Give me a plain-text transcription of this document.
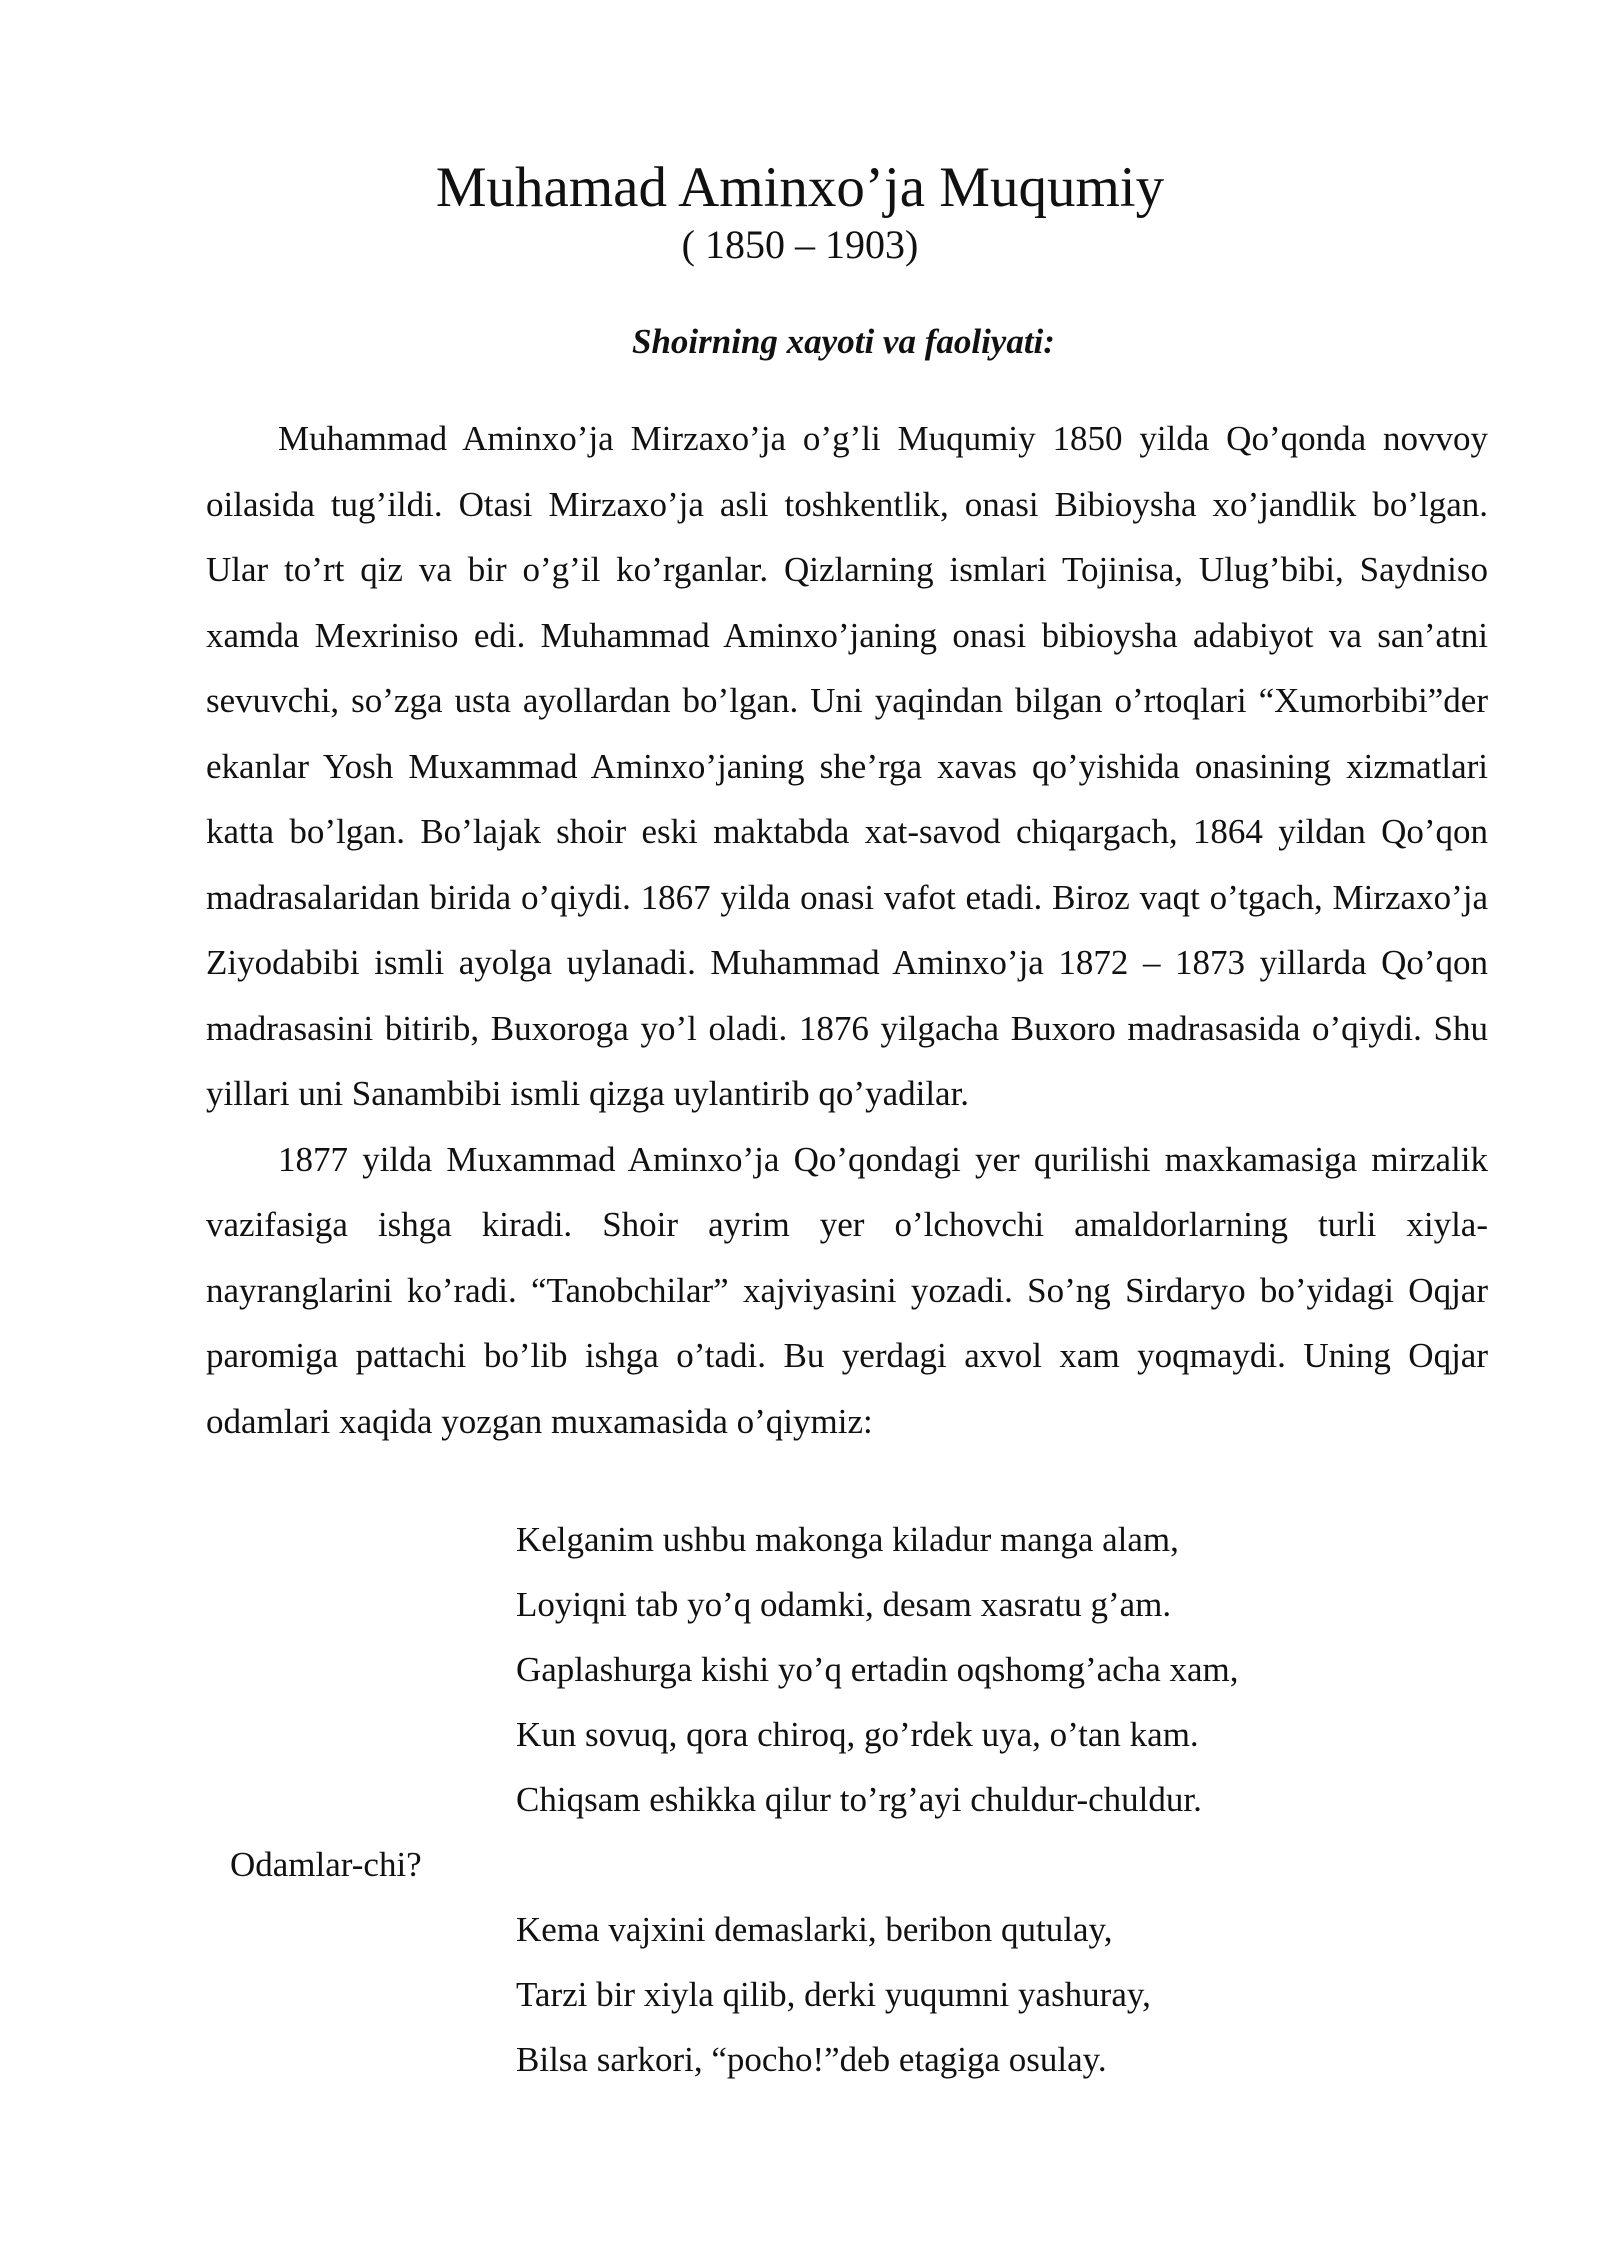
Muhamad Aminxo’ja Muqumiy
( 1850 – 1903)
Shoirning xayoti va faoliyati:

Muhammad Aminxo’ja Mirzaxo’ja o’g’li Muqumiy 1850 yilda Qo’qonda novvoy oilasida tug’ildi. Otasi Mirzaxo’ja asli toshkentlik, onasi Bibioysha xo’jandlik bo’lgan. Ular to’rt qiz va bir o’g’il ko’rganlar. Qizlarning ismlari Tojinisa, Ulug’bibi, Saydniso xamda Mexriniso edi. Muhammad Aminxo’janing onasi bibioysha adabiyot va san’atni sevuvchi, so’zga usta ayollardan bo’lgan. Uni yaqindan bilgan o’rtoqlari “Xumorbibi”der ekanlar Yosh Muxammad Aminxo’janing she’rga xavas qo’yishida onasining xizmatlari katta bo’lgan. Bo’lajak shoir eski maktabda xat-savod chiqargach, 1864 yildan Qo’qon madrasalaridan birida o’qiydi. 1867 yilda onasi vafot etadi. Biroz vaqt o’tgach, Mirzaxo’ja Ziyodabibi ismli ayolga uylanadi. Muhammad Aminxo’ja 1872 – 1873 yillarda Qo’qon madrasasini bitirib, Buxoroga yo’l oladi. 1876 yilgacha Buxoro madrasasida o’qiydi. Shu yillari uni Sanambibi ismli qizga uylantirib qo’yadilar.

1877 yilda Muxammad Aminxo’ja Qo’qondagi yer qurilishi maxkamasiga mirzalik vazifasiga ishga kiradi. Shoir ayrim yer o’lchovchi amaldorlarning turli xiyla- nayranglarini ko’radi. “Tanobchilar” xajviyasini yozadi. So’ng Sirdaryo bo’yidagi Oqjar paromiga pattachi bo’lib ishga o’tadi. Bu yerdagi axvol xam yoqmaydi. Uning Oqjar odamlari xaqida yozgan muxamasida o’qiymiz:

Kelganim ushbu makonga kiladur manga alam,

Loyiqni tab yo’q odamki, desam xasratu g’am.

Gaplashurga kishi yo’q ertadin oqshomg’acha xam,

Kun sovuq, qora chiroq, go’rdek uya, o’tan kam.

Chiqsam eshikka qilur to’rg’ayi chuldur-chuldur.

Odamlar-chi?

Kema vajxini demaslarki, beribon qutulay,

Tarzi bir xiyla qilib, derki yuqumni yashuray,

Bilsa sarkori, “pocho!”deb etagiga osulay.
